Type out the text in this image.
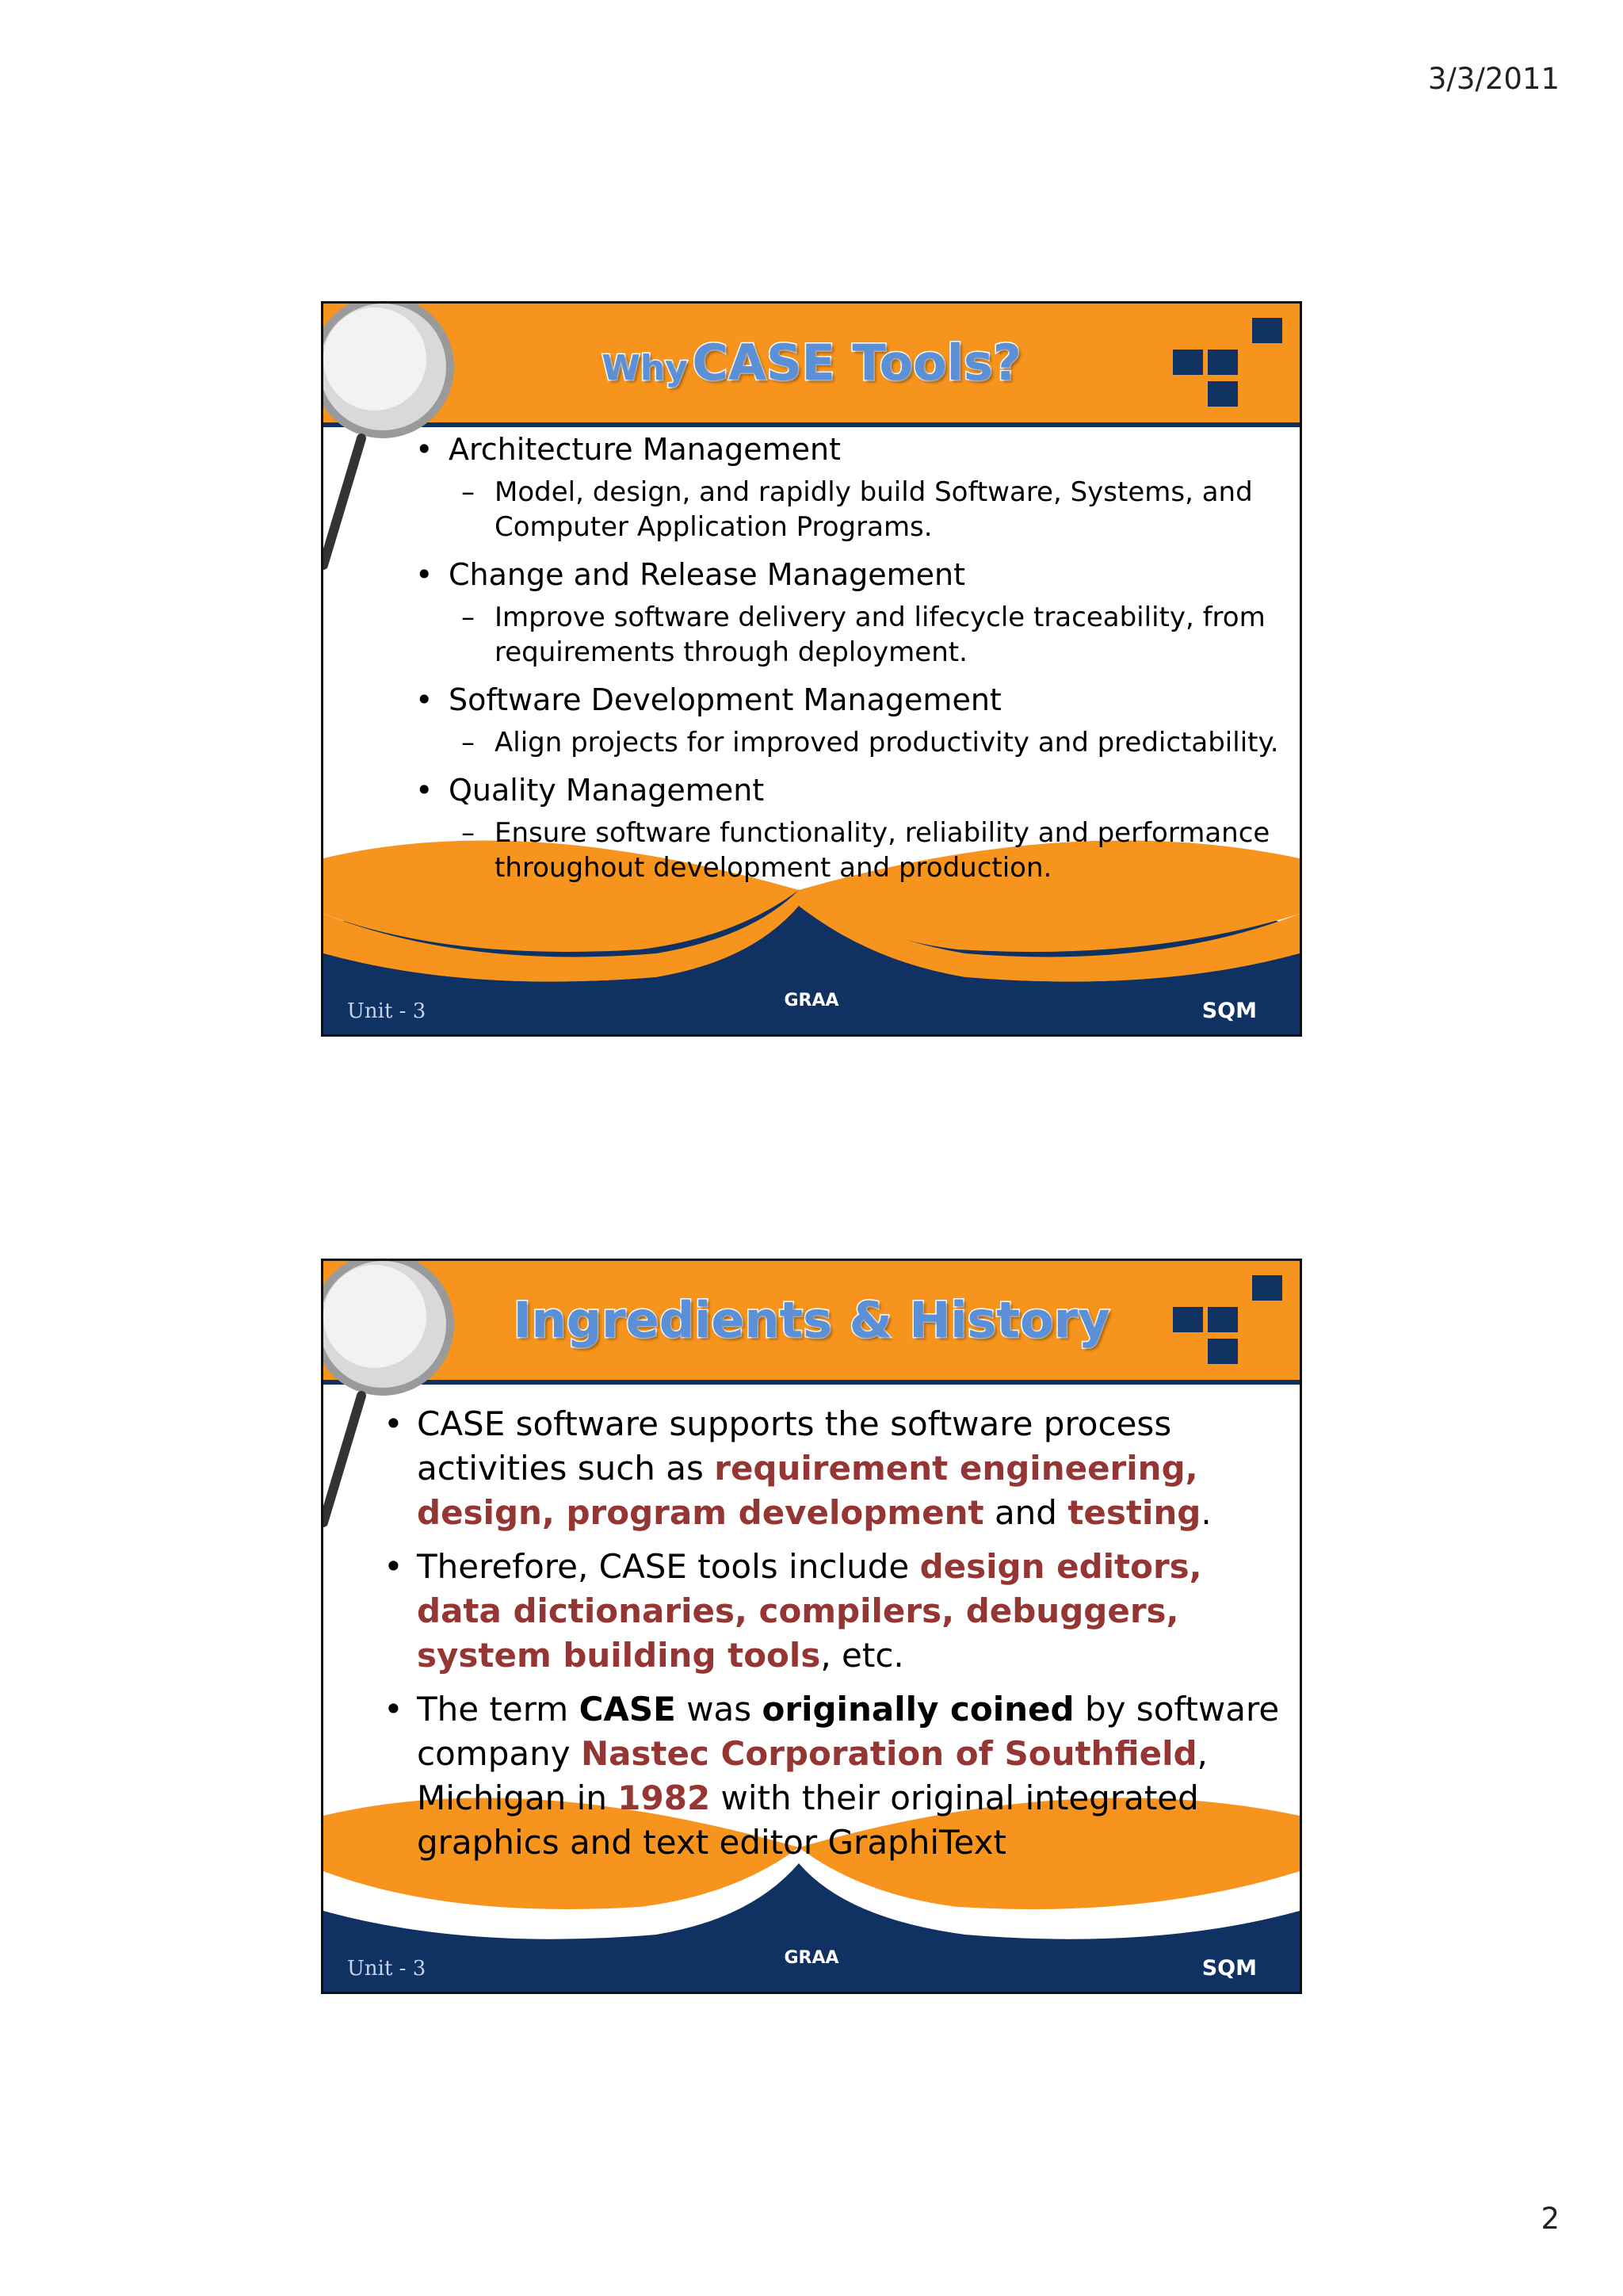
3/3/2011
Why CASE Tools?
• Architecture Management
– Model, design, and rapidly build Software, Systems, and Computer Application Programs.
• Change and Release Management
– Improve software delivery and lifecycle traceability, from requirements through deployment.
• Software Development Management
– Align projects for improved productivity and predictability.
• Quality Management
– Ensure software functionality, reliability and performance throughout development and production.
Unit - 3	GRAA	SQM
Ingredients & History
• CASE software supports the software process activities such as requirement engineering, design, program development and testing.
• Therefore, CASE tools include design editors, data dictionaries, compilers, debuggers, system building tools, etc.
• The term CASE was originally coined by software company Nastec Corporation of Southfield, Michigan in 1982 with their original integrated graphics and text editor GraphiText
Unit - 3	GRAA	SQM
2
